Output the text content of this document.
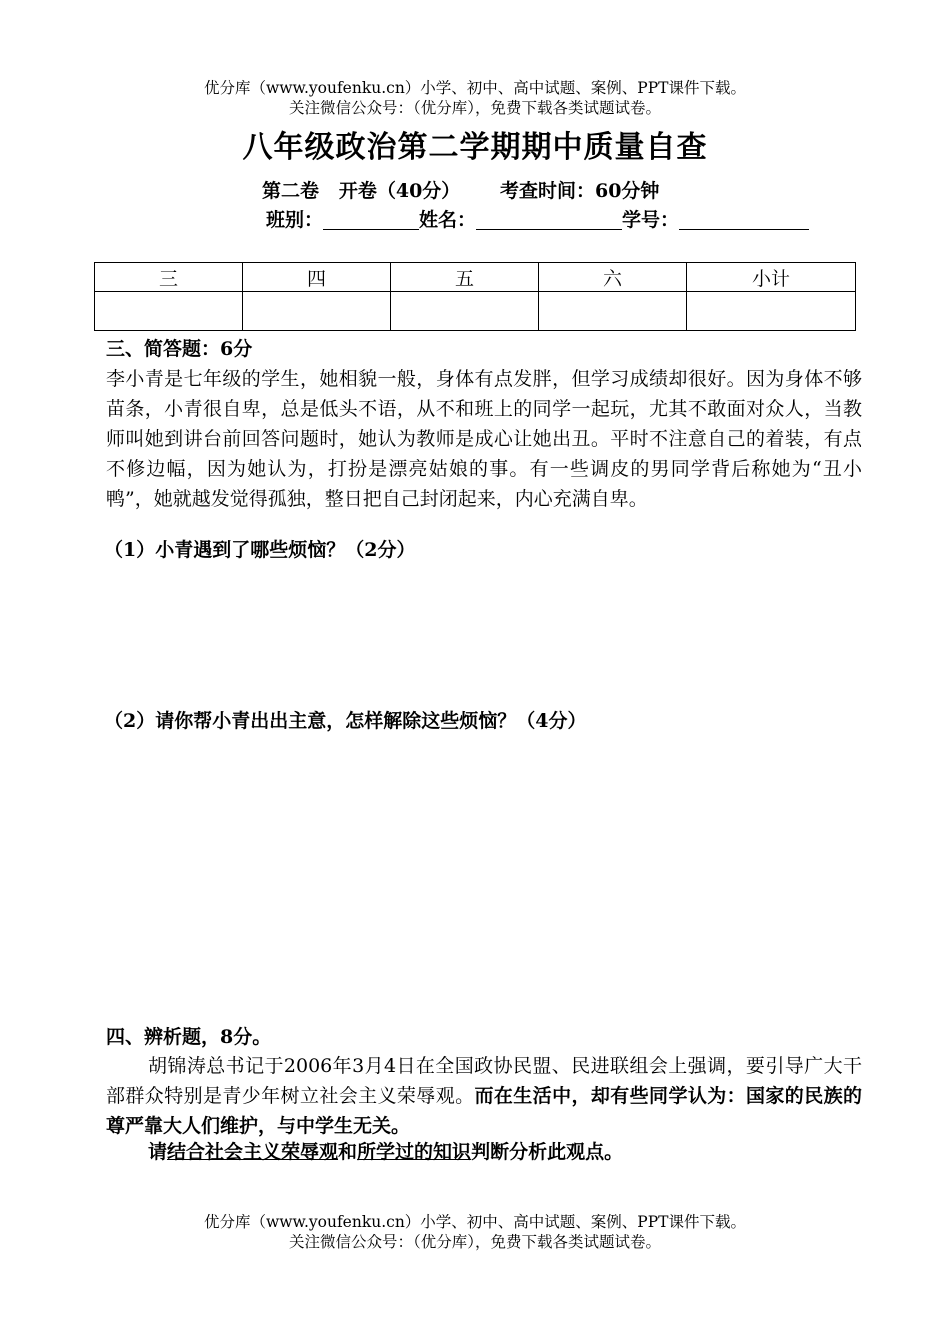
优分库（www.youfenku.cn）小学、初中、高中试题、案例、PPT课件下载。
关注微信公众号：（优分库），免费下载各类试题试卷。
八年级政治第二学期期中质量自查
第二卷   开卷（40分）      考查时间：60分钟
班别：	姓名：	学号：
三	四	五	六	小计

三、简答题：6分
李小青是七年级的学生，她相貌一般，身体有点发胖，但学习成绩却很好。因为身体不够苗条，小青很自卑，总是低头不语，从不和班上的同学一起玩，尤其不敢面对众人，当教师叫她到讲台前回答问题时，她认为教师是成心让她出丑。平时不注意自己的着装，有点不修边幅，因为她认为，打扮是漂亮姑娘的事。有一些调皮的男同学背后称她为“丑小鸭”，她就越发觉得孤独，整日把自己封闭起来，内心充满自卑。
（1）小青遇到了哪些烦恼？（2分）
（2）请你帮小青出出主意，怎样解除这些烦恼？（4分）
四、辨析题，8分。
胡锦涛总书记于2006年3月4日在全国政协民盟、民进联组会上强调，要引导广大干部群众特别是青少年树立社会主义荣辱观。而在生活中，却有些同学认为：国家的民族的尊严靠大人们维护，与中学生无关。
请结合社会主义荣辱观和所学过的知识判断分析此观点。
优分库（www.youfenku.cn）小学、初中、高中试题、案例、PPT课件下载。
关注微信公众号：（优分库），免费下载各类试题试卷。
